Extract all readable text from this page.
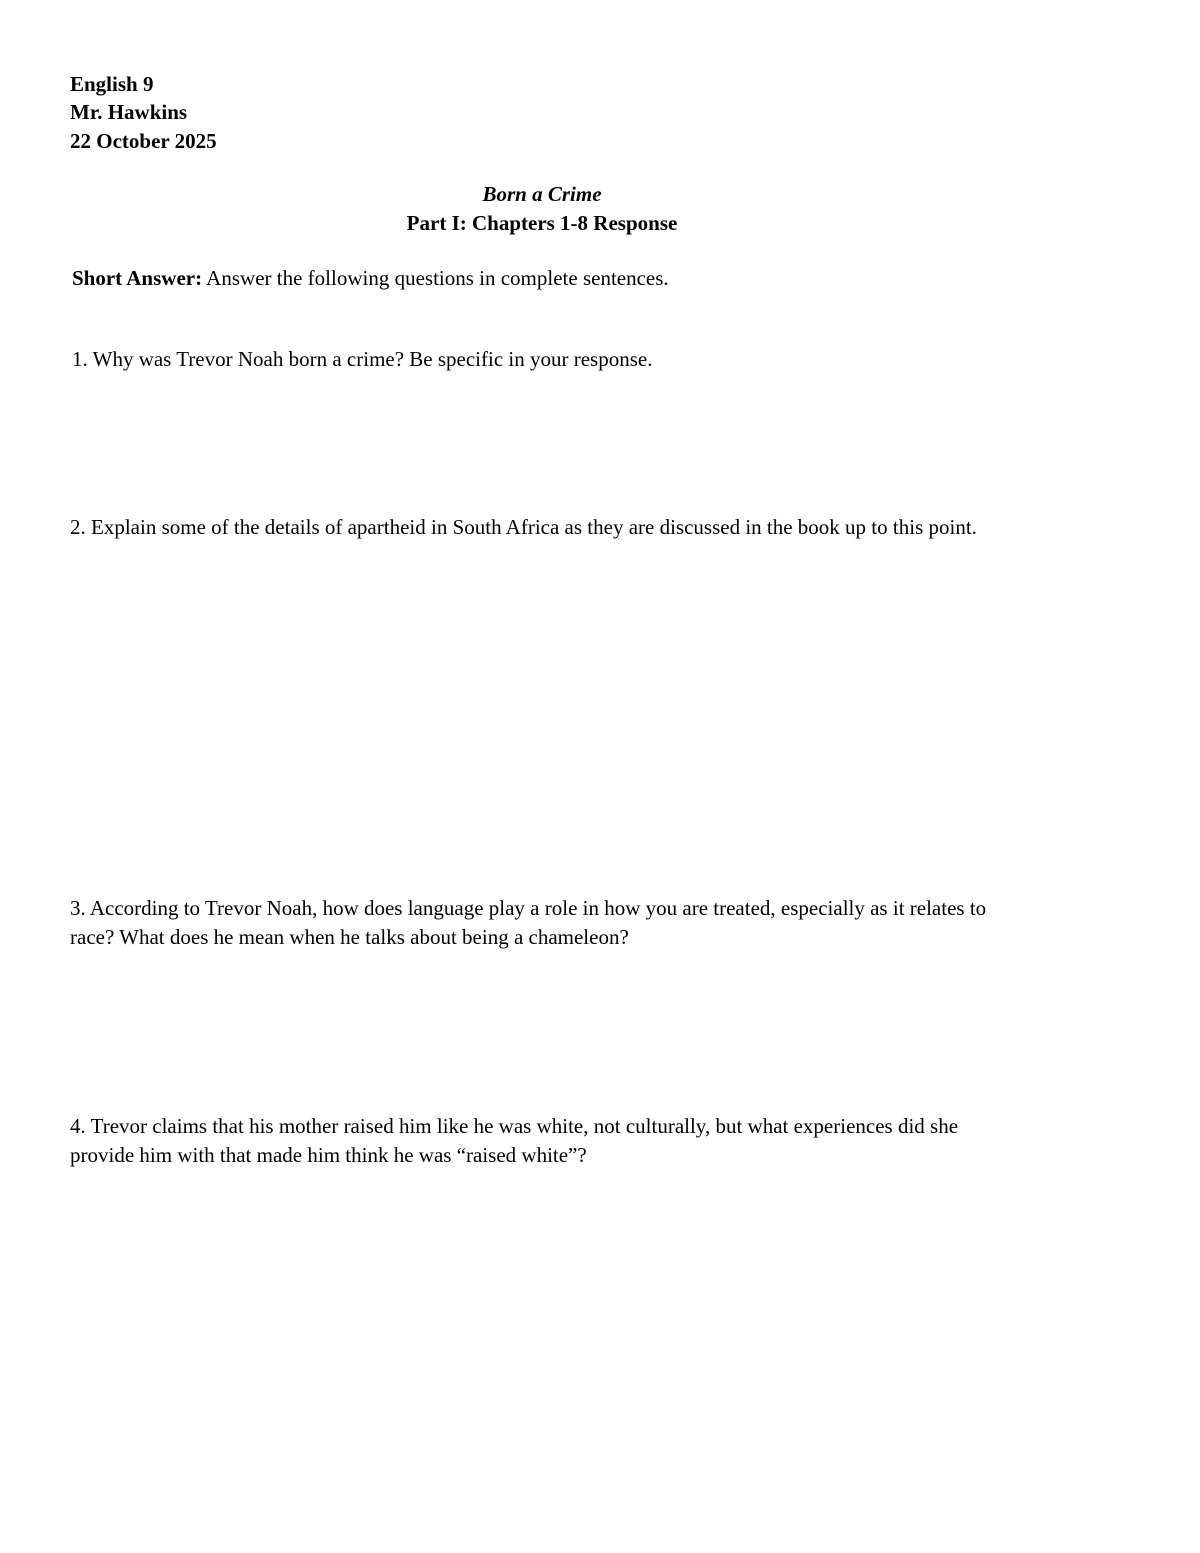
English 9
Mr. Hawkins
22 October 2025
Born a Crime
Part I: Chapters 1-8 Response
Short Answer: Answer the following questions in complete sentences.
1. Why was Trevor Noah born a crime? Be specific in your response.
2. Explain some of the details of apartheid in South Africa as they are discussed in the book up to this point.
3. According to Trevor Noah, how does language play a role in how you are treated, especially as it relates to
race? What does he mean when he talks about being a chameleon?
4. Trevor claims that his mother raised him like he was white, not culturally, but what experiences did she
provide him with that made him think he was “raised white”?
